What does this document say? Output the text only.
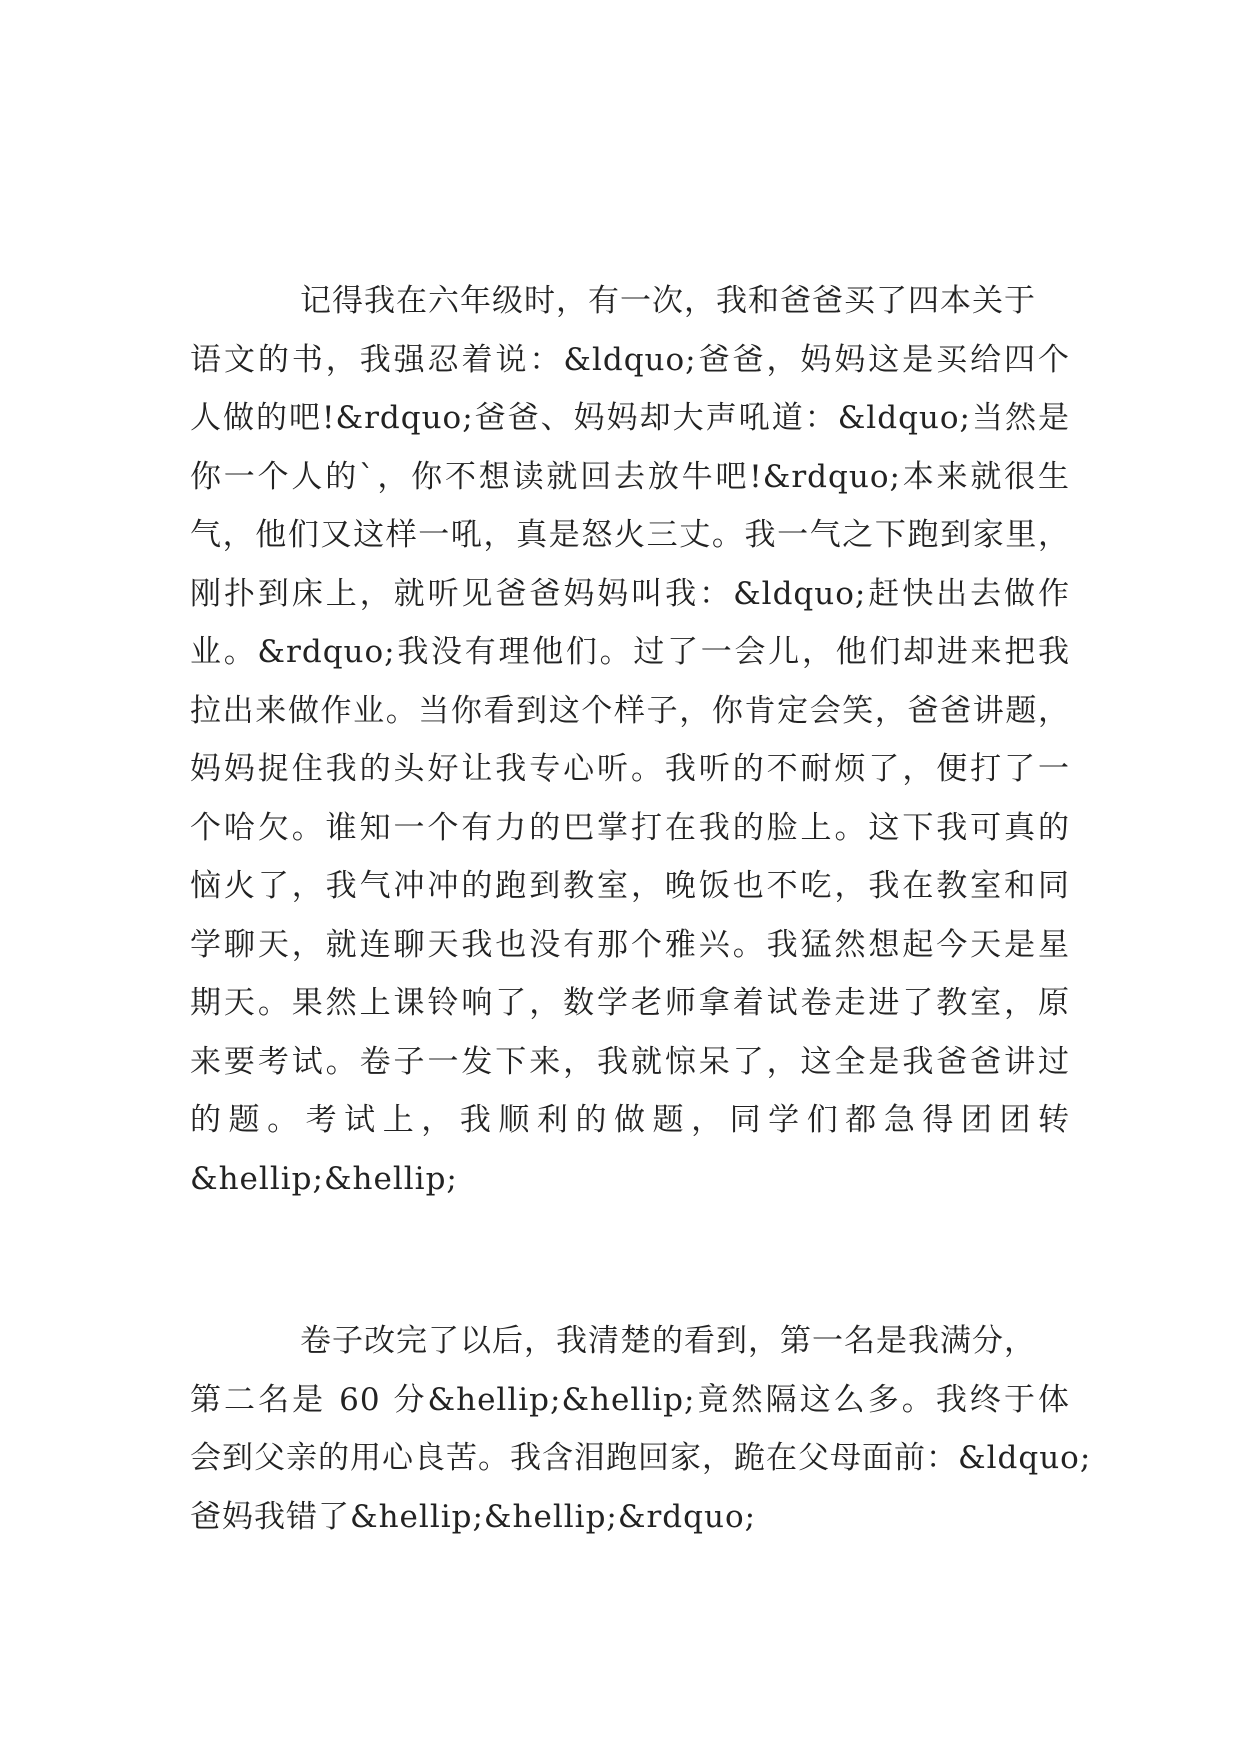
记得我在六年级时，有一次，我和爸爸买了四本关于
语文的书，我强忍着说：&ldquo;爸爸，妈妈这是买给四个
人做的吧!&rdquo;爸爸、妈妈却大声吼道：&ldquo;当然是
你一个人的`，你不想读就回去放牛吧!&rdquo;本来就很生
气，他们又这样一吼，真是怒火三丈。我一气之下跑到家里，
刚扑到床上，就听见爸爸妈妈叫我：&ldquo;赶快出去做作
业。&rdquo;我没有理他们。过了一会儿，他们却进来把我
拉出来做作业。当你看到这个样子，你肯定会笑，爸爸讲题，
妈妈捉住我的头好让我专心听。我听的不耐烦了，便打了一
个哈欠。谁知一个有力的巴掌打在我的脸上。这下我可真的
恼火了，我气冲冲的跑到教室，晚饭也不吃，我在教室和同
学聊天，就连聊天我也没有那个雅兴。我猛然想起今天是星
期天。果然上课铃响了，数学老师拿着试卷走进了教室，原
来要考试。卷子一发下来，我就惊呆了，这全是我爸爸讲过
的题。考试上，我顺利的做题，同学们都急得团团转
&hellip;&hellip;
卷子改完了以后，我清楚的看到，第一名是我满分，
第二名是 60 分&hellip;&hellip;竟然隔这么多。我终于体
会到父亲的用心良苦。我含泪跑回家，跪在父母面前：&ldquo;
爸妈我错了&hellip;&hellip;&rdquo;
